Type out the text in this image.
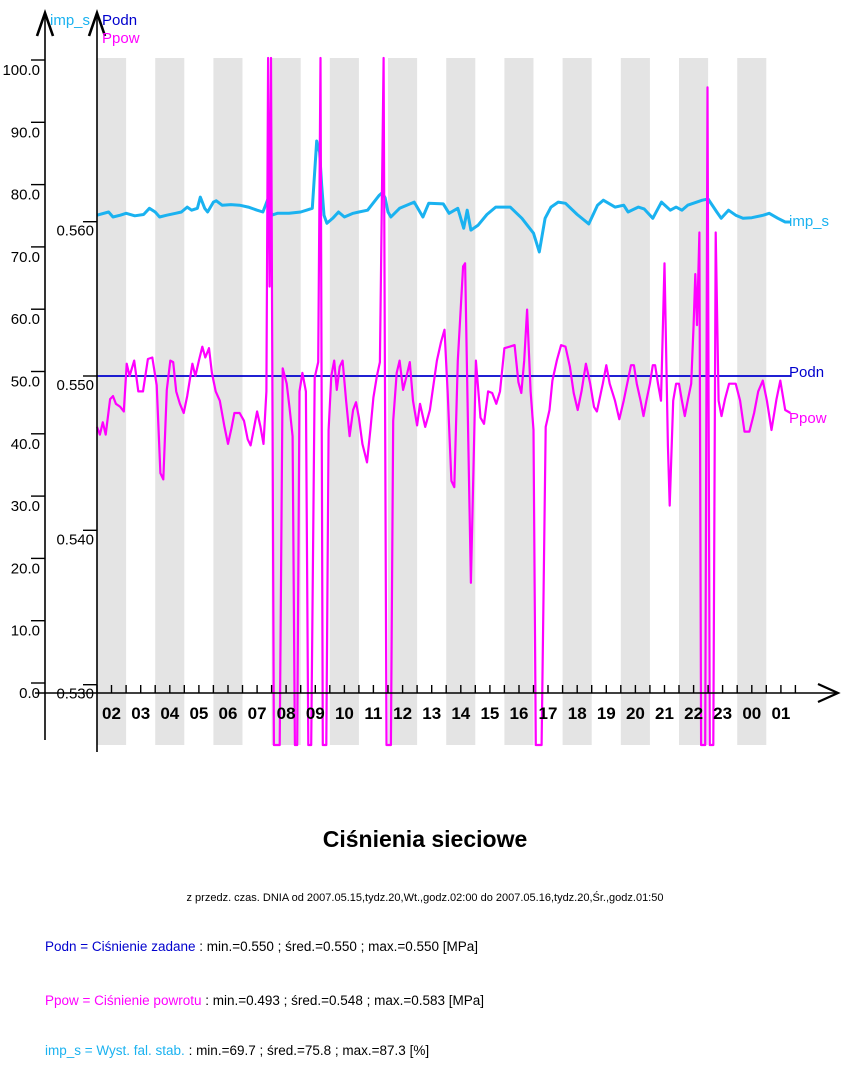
0.0
10.0
20.0
30.0
40.0
50.0
60.0
70.0
80.0
90.0
100.0
0.530
0.540
0.550
0.560
02 03 04 05 06 07 08 09 10 11 12 13 14 15 16 17 18 19 20 21 22 23 00 01
imp_s Podn
Ppow
Podn
imp_s
Ppow
Ciśnienia sieciowe
z przedz. czas. DNIA od 2007.05.15,tydz.20,Wt.,godz.02:00 do 2007.05.16,tydz.20,Śr.,godz.01:50
Podn = Ciśnienie zadane : min.=0.550 ; śred.=0.550 ; max.=0.550 [MPa]
Ppow = Ciśnienie powrotu : min.=0.493 ; śred.=0.548 ; max.=0.583 [MPa]
imp_s = Wyst. fal. stab. : min.=69.7 ; śred.=75.8 ; max.=87.3 [%]
